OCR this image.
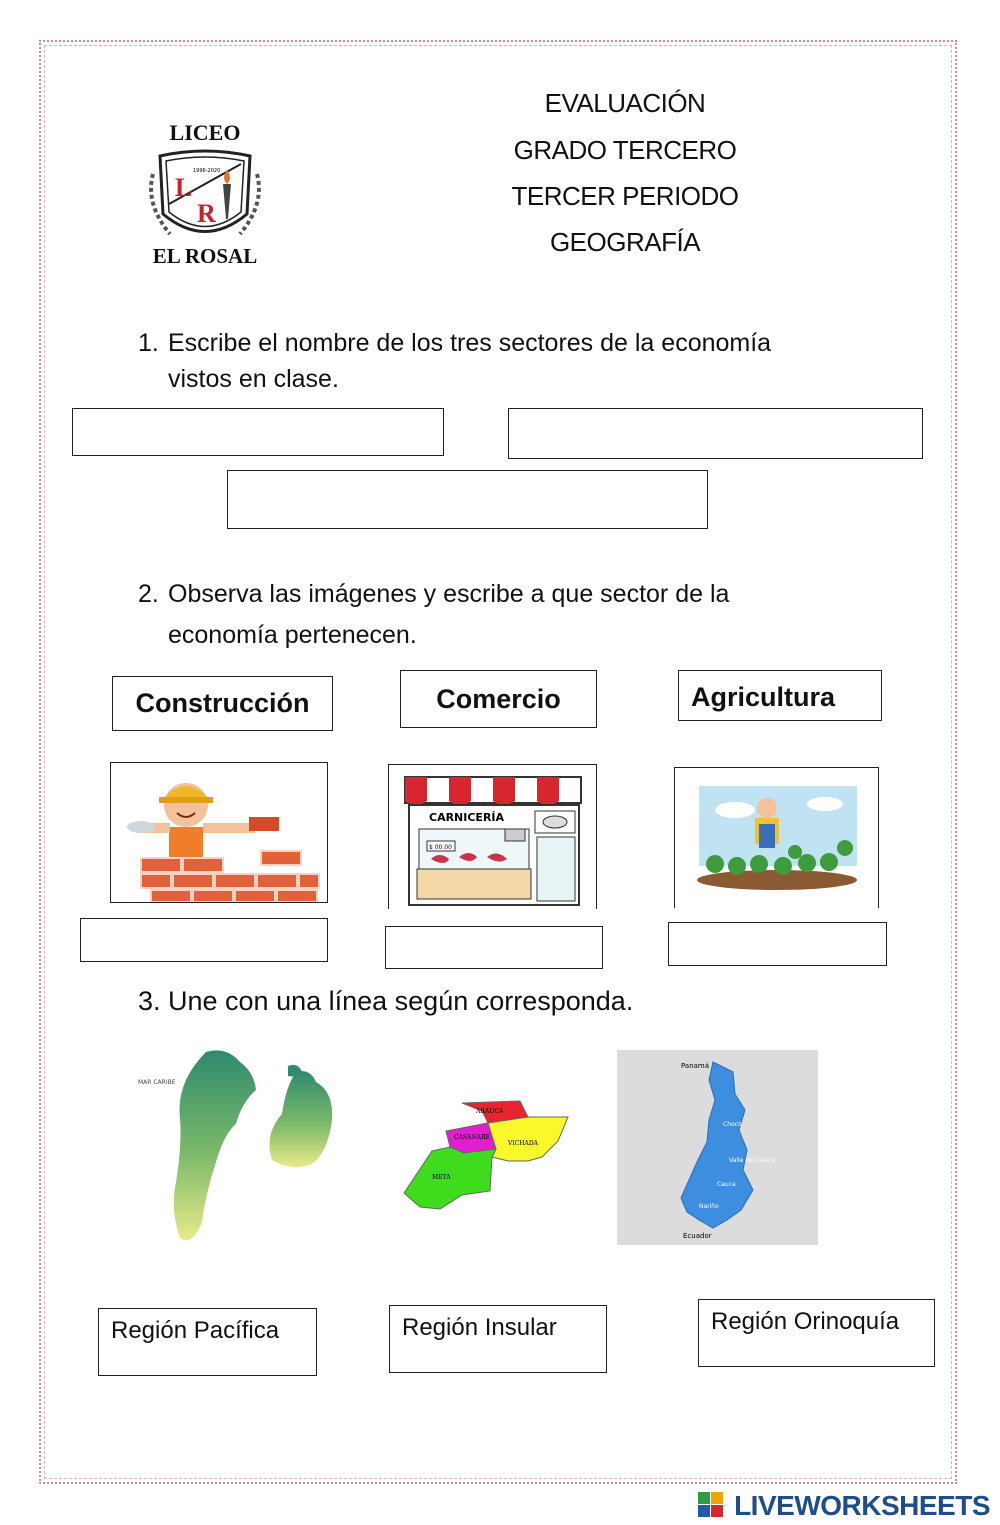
LICEO
L
R
1996-2020
EL ROSAL
EVALUACIÓN
GRADO TERCERO
TERCER PERIODO
GEOGRAFÍA
1. Escribe el nombre de los tres sectores de la economía
vistos en clase.
2. Observa las imágenes y escribe a que sector de la
economía pertenecen.
Construcción	Comercio	Agricultura
CARNICERÍA
$ 00.00
3. Une con una línea según corresponda.
MAR CARIBE
ARAUCA
CASANARE
VICHADA
META
Panamá
Chocó
Valle del Cauca
Cauca
Nariño
Ecuador
Región Pacífica	Región Insular	Región Orinoquía
LIVEWORKSHEETS
